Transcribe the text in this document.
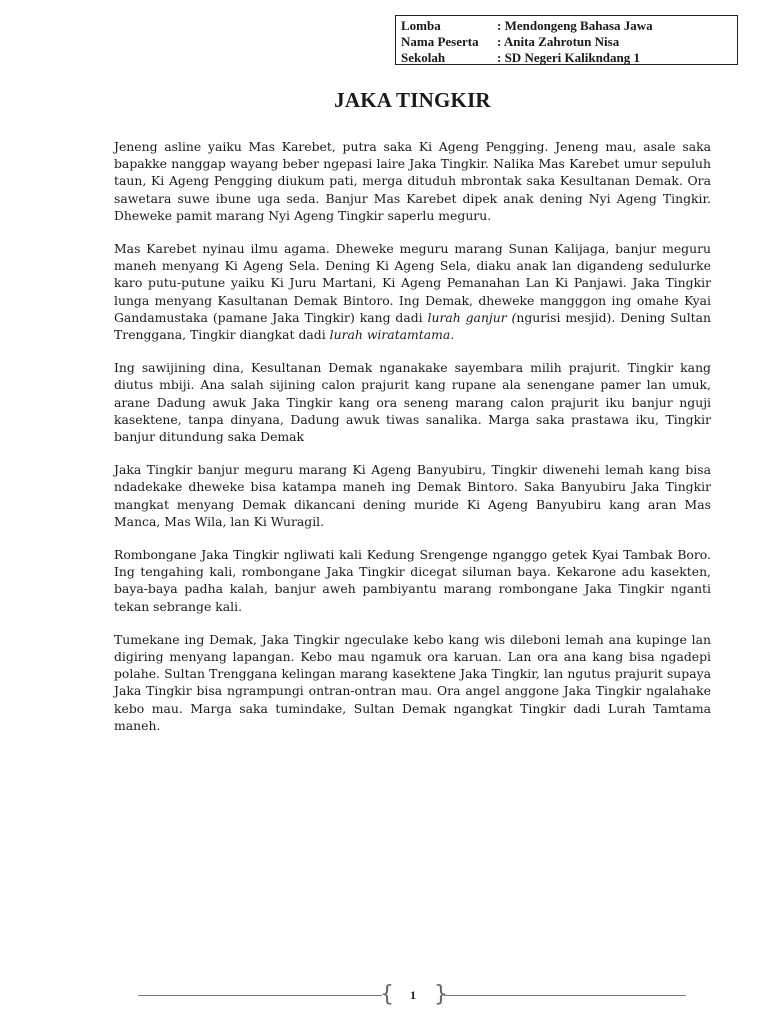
Lomba	: Mendongeng Bahasa Jawa
Nama Peserta	: Anita Zahrotun Nisa
Sekolah	: SD Negeri Kalikndang 1
JAKA TINGKIR

Jeneng asline yaiku Mas Karebet, putra saka Ki Ageng Pengging. Jeneng mau, asale saka bapakke nanggap wayang beber ngepasi laire Jaka Tingkir. Nalika Mas Karebet umur sepuluh taun, Ki Ageng Pengging diukum pati, merga dituduh mbrontak saka Kesultanan Demak. Ora sawetara suwe ibune uga seda. Banjur Mas Karebet dipek anak dening Nyi Ageng Tingkir. Dheweke pamit marang Nyi Ageng Tingkir saperlu meguru.

Mas Karebet nyinau ilmu agama. Dheweke meguru marang Sunan Kalijaga, banjur meguru maneh menyang Ki Ageng Sela. Dening Ki Ageng Sela, diaku anak lan digandeng sedulurke karo putu-putune yaiku Ki Juru Martani, Ki Ageng Pemanahan Lan Ki Panjawi. Jaka Tingkir lunga menyang Kasultanan Demak Bintoro. Ing Demak, dheweke mangggon ing omahe Kyai Gandamustaka (pamane Jaka Tingkir) kang dadi lurah ganjur (ngurisi mesjid). Dening Sultan Trenggana, Tingkir diangkat dadi lurah wiratamtama.

Ing sawijining dina, Kesultanan Demak nganakake sayembara milih prajurit. Tingkir kang diutus mbiji. Ana salah sijining calon prajurit kang rupane ala senengane pamer lan umuk, arane Dadung awuk Jaka Tingkir kang ora seneng marang calon prajurit iku banjur nguji kasektene, tanpa dinyana, Dadung awuk tiwas sanalika. Marga saka prastawa iku, Tingkir banjur ditundung saka Demak

Jaka Tingkir banjur meguru marang Ki Ageng Banyubiru, Tingkir diwenehi lemah kang bisa ndadekake dheweke bisa katampa maneh ing Demak Bintoro. Saka Banyubiru Jaka Tingkir mangkat menyang Demak dikancani dening muride Ki Ageng Banyubiru kang aran Mas Manca, Mas Wila, lan Ki Wuragil.

Rombongane Jaka Tingkir ngliwati kali Kedung Srengenge nganggo getek Kyai Tambak Boro. Ing tengahing kali, rombongane Jaka Tingkir dicegat siluman baya. Kekarone adu kasekten, baya-baya padha kalah, banjur aweh pambiyantu marang rombongane Jaka Tingkir nganti tekan sebrange kali.

Tumekane ing Demak, Jaka Tingkir ngeculake kebo kang wis dileboni lemah ana kupinge lan digiring menyang lapangan. Kebo mau ngamuk ora karuan. Lan ora ana kang bisa ngadepi polahe. Sultan Trenggana kelingan marang kasektene Jaka Tingkir, lan ngutus prajurit supaya Jaka Tingkir bisa ngrampungi ontran-ontran mau. Ora angel anggone Jaka Tingkir ngalahake kebo mau. Marga saka tumindake, Sultan Demak ngangkat Tingkir dadi Lurah Tamtama maneh.

{ }
1
